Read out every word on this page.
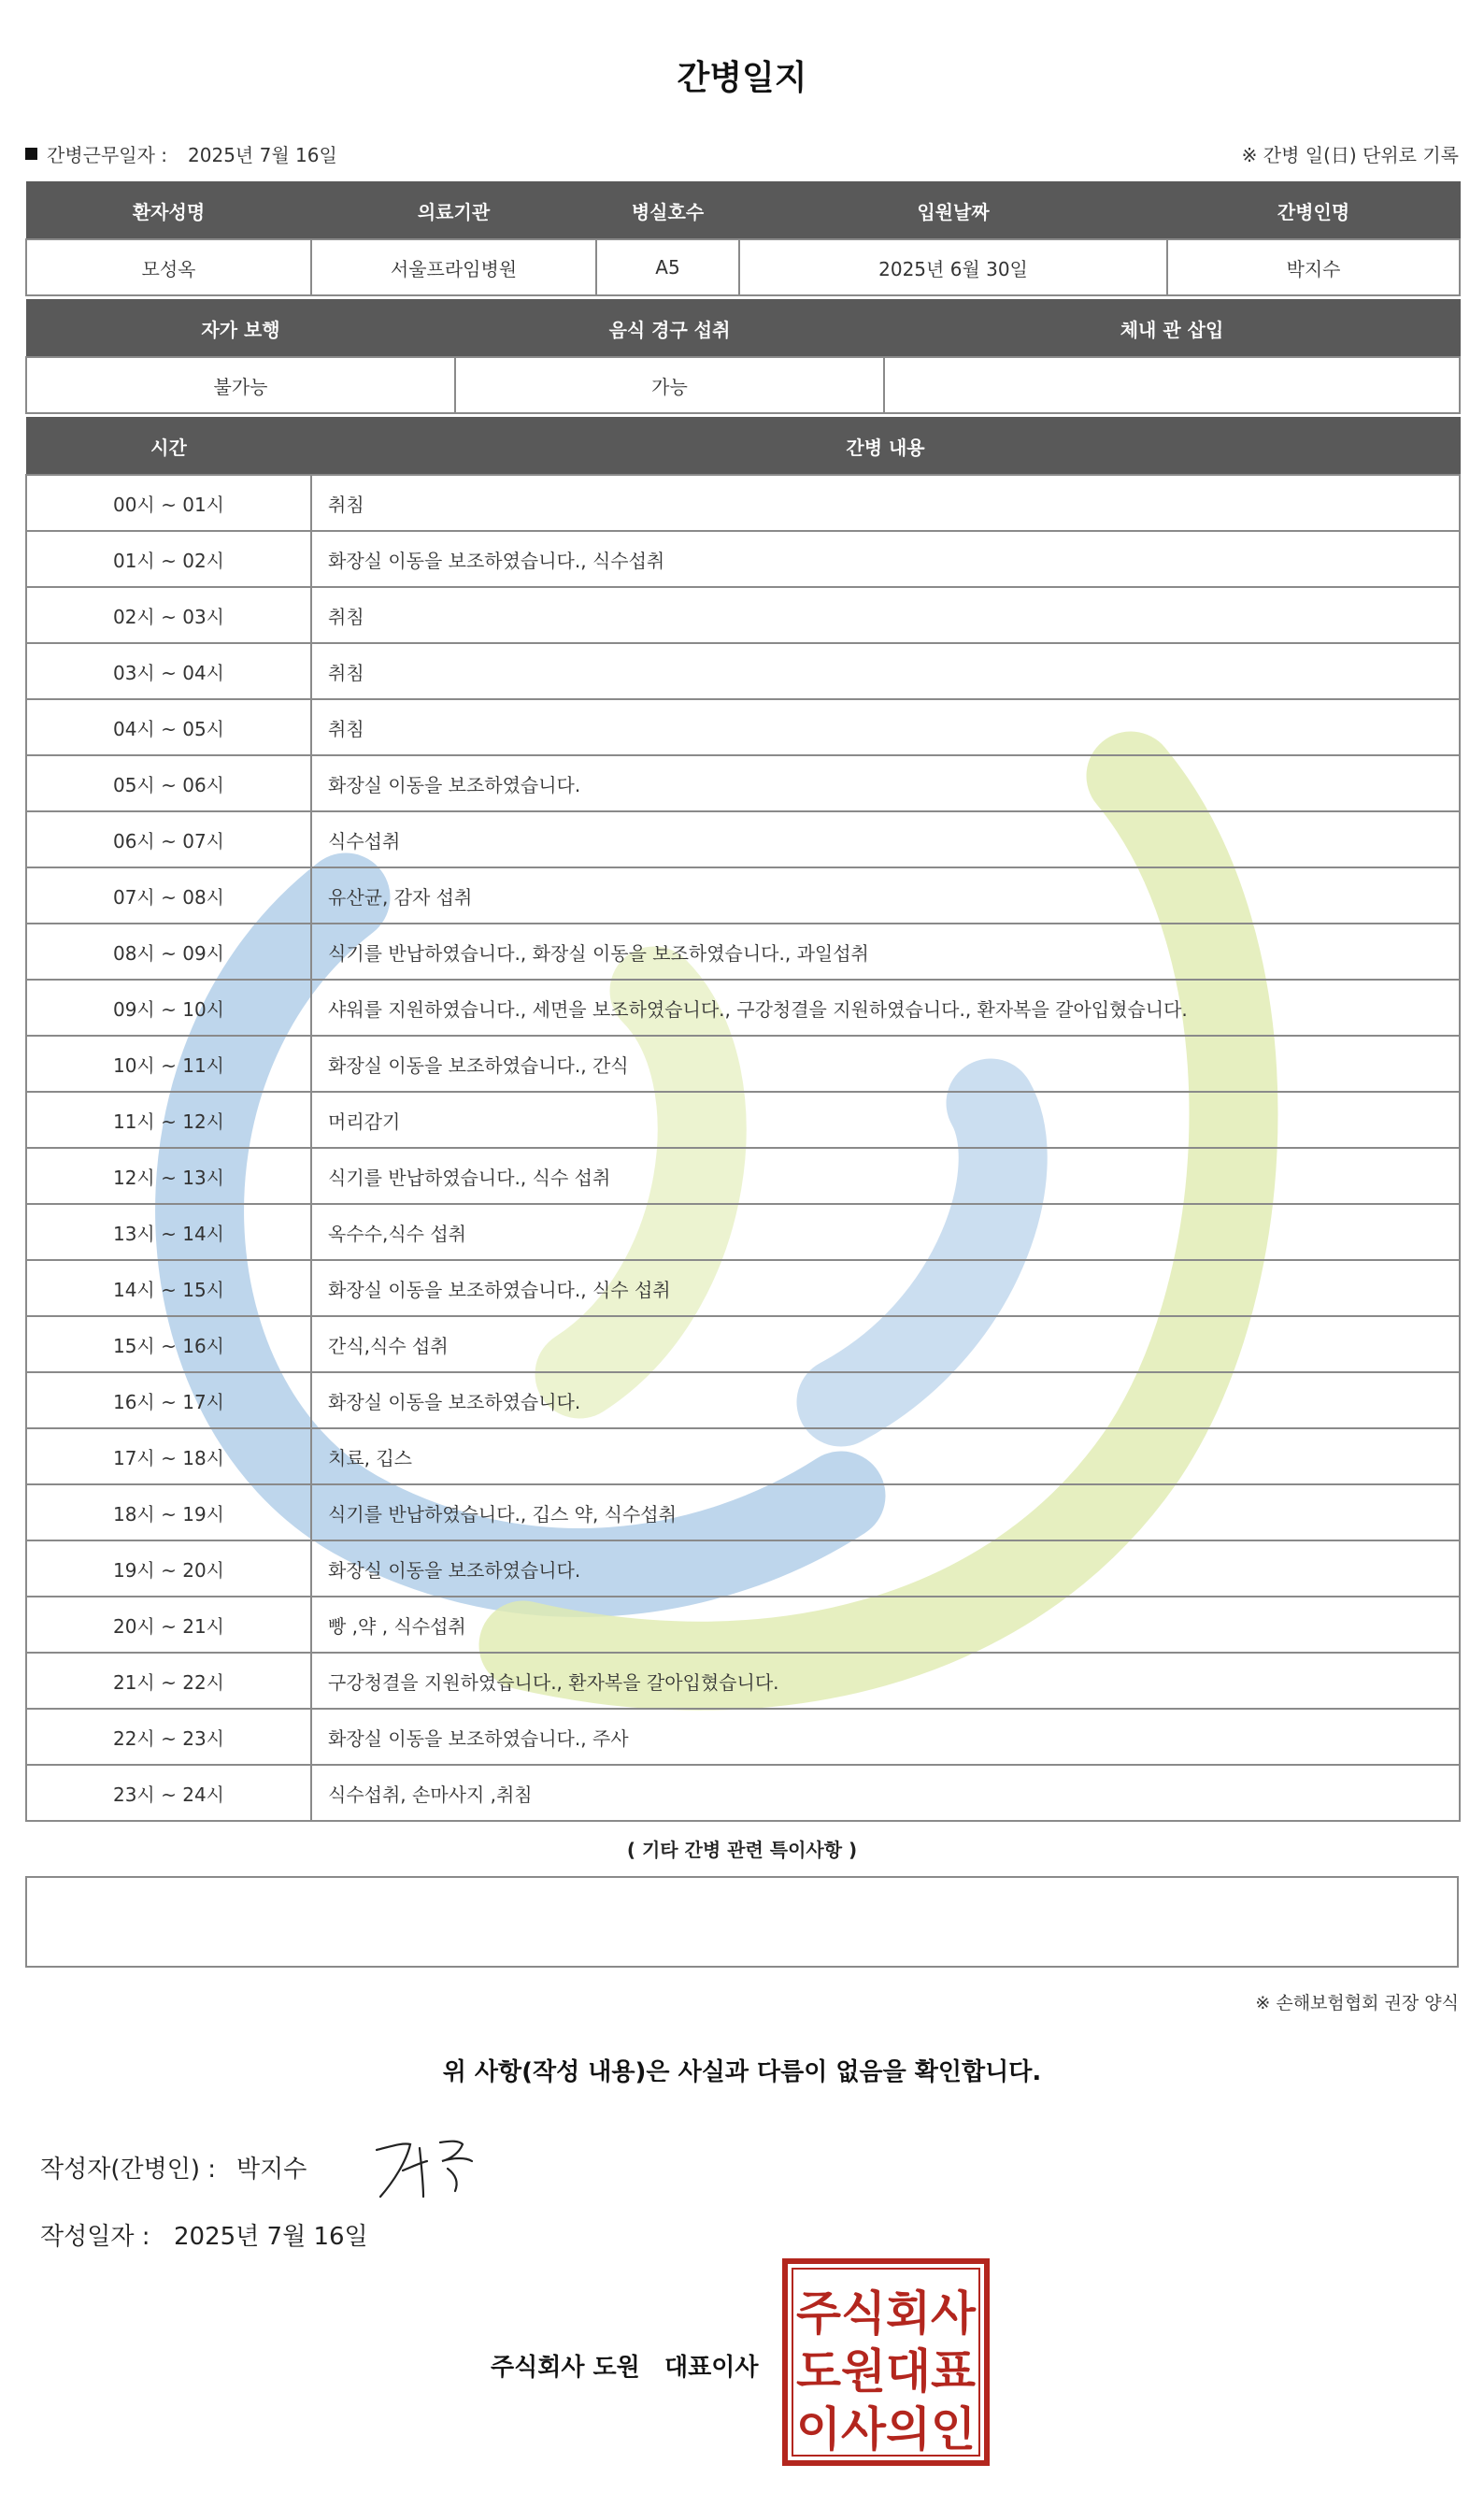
간병일지
간병근무일자 : 2025년 7월 16일	※ 간병 일(日) 단위로 기록
환자성명	의료기관	병실호수	입원날짜	간병인명
모성옥	서울프라임병원	A5	2025년 6월 30일	박지수
자가 보행	음식 경구 섭취	체내 관 삽입
불가능	가능	
시간	간병 내용
00시 ~ 01시	취침
01시 ~ 02시	화장실 이동을 보조하였습니다., 식수섭취
02시 ~ 03시	취침
03시 ~ 04시	취침
04시 ~ 05시	취침
05시 ~ 06시	화장실 이동을 보조하였습니다.
06시 ~ 07시	식수섭취
07시 ~ 08시	유산균, 감자 섭취
08시 ~ 09시	식기를 반납하였습니다., 화장실 이동을 보조하였습니다., 과일섭취
09시 ~ 10시	샤워를 지원하였습니다., 세면을 보조하였습니다., 구강청결을 지원하였습니다., 환자복을 갈아입혔습니다.
10시 ~ 11시	화장실 이동을 보조하였습니다., 간식
11시 ~ 12시	머리감기
12시 ~ 13시	식기를 반납하였습니다., 식수 섭취
13시 ~ 14시	옥수수,식수 섭취
14시 ~ 15시	화장실 이동을 보조하였습니다., 식수 섭취
15시 ~ 16시	간식,식수 섭취
16시 ~ 17시	화장실 이동을 보조하였습니다.
17시 ~ 18시	치료, 깁스
18시 ~ 19시	식기를 반납하였습니다., 깁스 약, 식수섭취
19시 ~ 20시	화장실 이동을 보조하였습니다.
20시 ~ 21시	빵 ,약 , 식수섭취
21시 ~ 22시	구강청결을 지원하였습니다., 환자복을 갈아입혔습니다.
22시 ~ 23시	화장실 이동을 보조하였습니다., 주사
23시 ~ 24시	식수섭취, 손마사지 ,취침
( 기타 간병 관련 특이사항 )
※ 손해보험협회 권장 양식
위 사항(작성 내용)은 사실과 다름이 없음을 확인합니다.
작성자(간병인) : 박지수
작성일자 : 2025년 7월 16일
주식회사 도원 대표이사
주식회사
도원대표
이사의인
